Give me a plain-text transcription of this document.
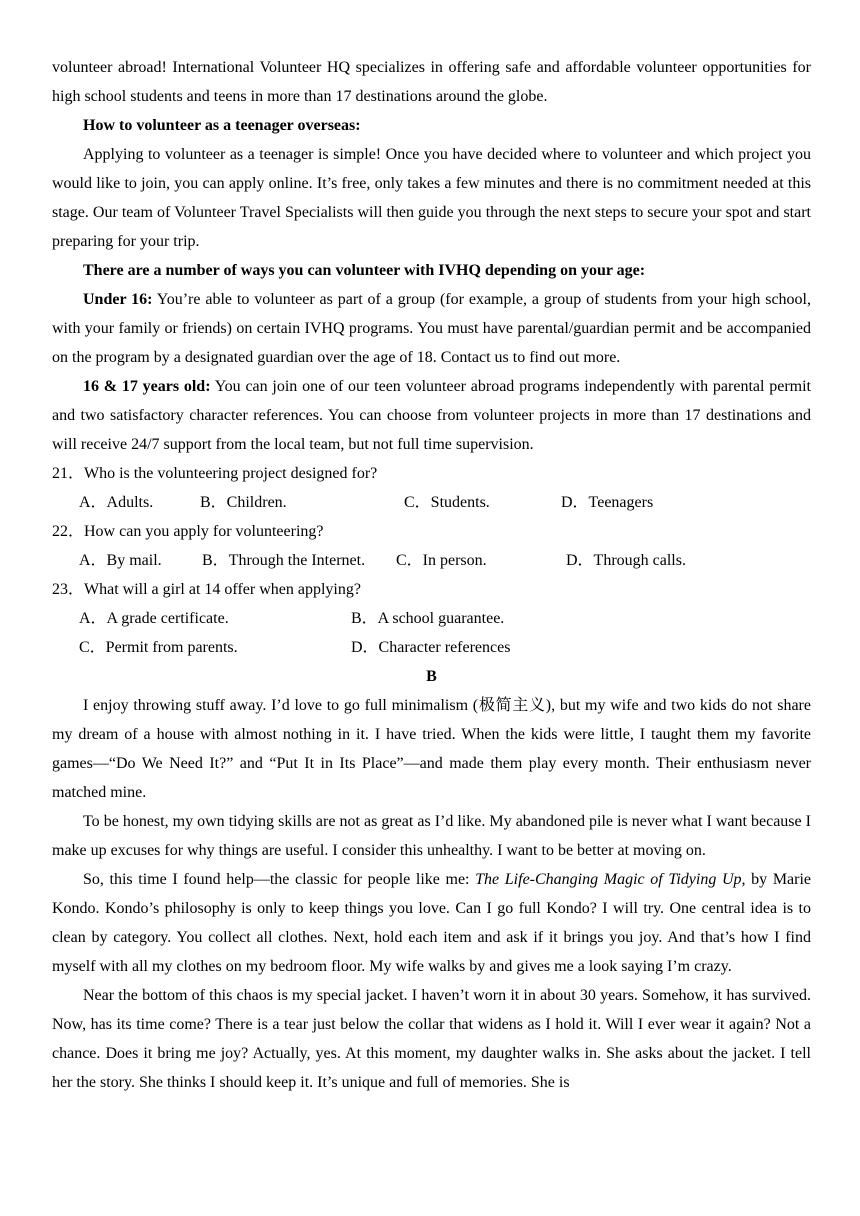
volunteer abroad! International Volunteer HQ specializes in offering safe and affordable volunteer opportunities for high school students and teens in more than 17 destinations around the globe.

How to volunteer as a teenager overseas:

Applying to volunteer as a teenager is simple! Once you have decided where to volunteer and which project you would like to join, you can apply online. It’s free, only takes a few minutes and there is no commitment needed at this stage. Our team of Volunteer Travel Specialists will then guide you through the next steps to secure your spot and start preparing for your trip.

There are a number of ways you can volunteer with IVHQ depending on your age:

Under 16: You’re able to volunteer as part of a group (for example, a group of students from your high school, with your family or friends) on certain IVHQ programs. You must have parental/guardian permit and be accompanied on the program by a designated guardian over the age of 18. Contact us to find out more.

16 & 17 years old: You can join one of our teen volunteer abroad programs independently with parental permit and two satisfactory character references. You can choose from volunteer projects in more than 17 destinations and will receive 24/7 support from the local team, but not full time supervision.

21．Who is the volunteering project designed for?

A．Adults.	B．Children.	C．Students.	D．Teenagers

22．How can you apply for volunteering?

A．By mail.	B．Through the Internet. C．In person.	D．Through calls.

23．What will a girl at 14 offer when applying?

A．A grade certificate.	B．A school guarantee.
C．Permit from parents.	D．Character references

B

I enjoy throwing stuff away. I’d love to go full minimalism (极简主义), but my wife and two kids do not share my dream of a house with almost nothing in it. I have tried. When the kids were little, I taught them my favorite games—“Do We Need It?” and “Put It in Its Place”—and made them play every month. Their enthusiasm never matched mine.

To be honest, my own tidying skills are not as great as I’d like. My abandoned pile is never what I want because I make up excuses for why things are useful. I consider this unhealthy. I want to be better at moving on.

So, this time I found help—the classic for people like me: The Life-Changing Magic of Tidying Up, by Marie Kondo. Kondo’s philosophy is only to keep things you love. Can I go full Kondo? I will try. One central idea is to clean by category. You collect all clothes. Next, hold each item and ask if it brings you joy. And that’s how I find myself with all my clothes on my bedroom floor. My wife walks by and gives me a look saying I’m crazy.

Near the bottom of this chaos is my special jacket. I haven’t worn it in about 30 years. Somehow, it has survived. Now, has its time come? There is a tear just below the collar that widens as I hold it. Will I ever wear it again? Not a chance. Does it bring me joy? Actually, yes. At this moment, my daughter walks in. She asks about the jacket. I tell her the story. She thinks I should keep it. It’s unique and full of memories. She is
